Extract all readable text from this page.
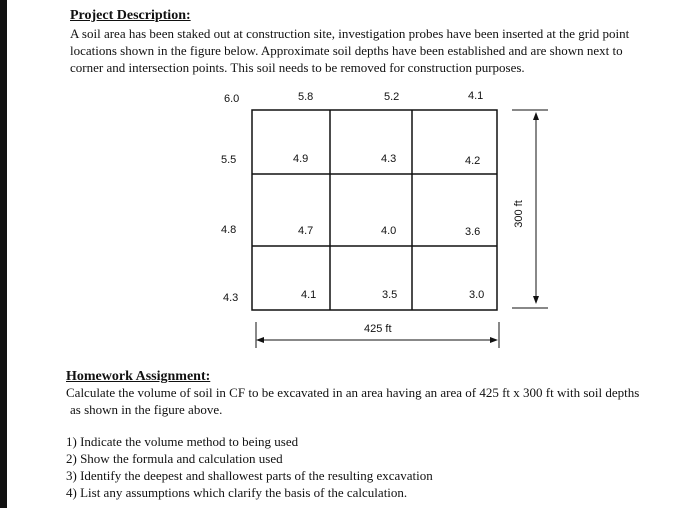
Project Description:
A soil area has been staked out at construction site, investigation probes have been inserted at the grid point
locations shown in the figure below. Approximate soil depths have been established and are shown next to
corner and intersection points. This soil needs to be removed for construction purposes.
300 ft
6.0	5.8	5.2	4.1
5.5	4.9	4.3	4.2
4.8	4.7	4.0	3.6
4.3	4.1	3.5	3.0
425 ft
Homework Assignment:
Calculate the volume of soil in CF to be excavated in an area having an area of 425 ft x 300 ft with soil depths
as shown in the figure above.
1) Indicate the volume method to being used
2) Show the formula and calculation used
3) Identify the deepest and shallowest parts of the resulting excavation
4) List any assumptions which clarify the basis of the calculation.
